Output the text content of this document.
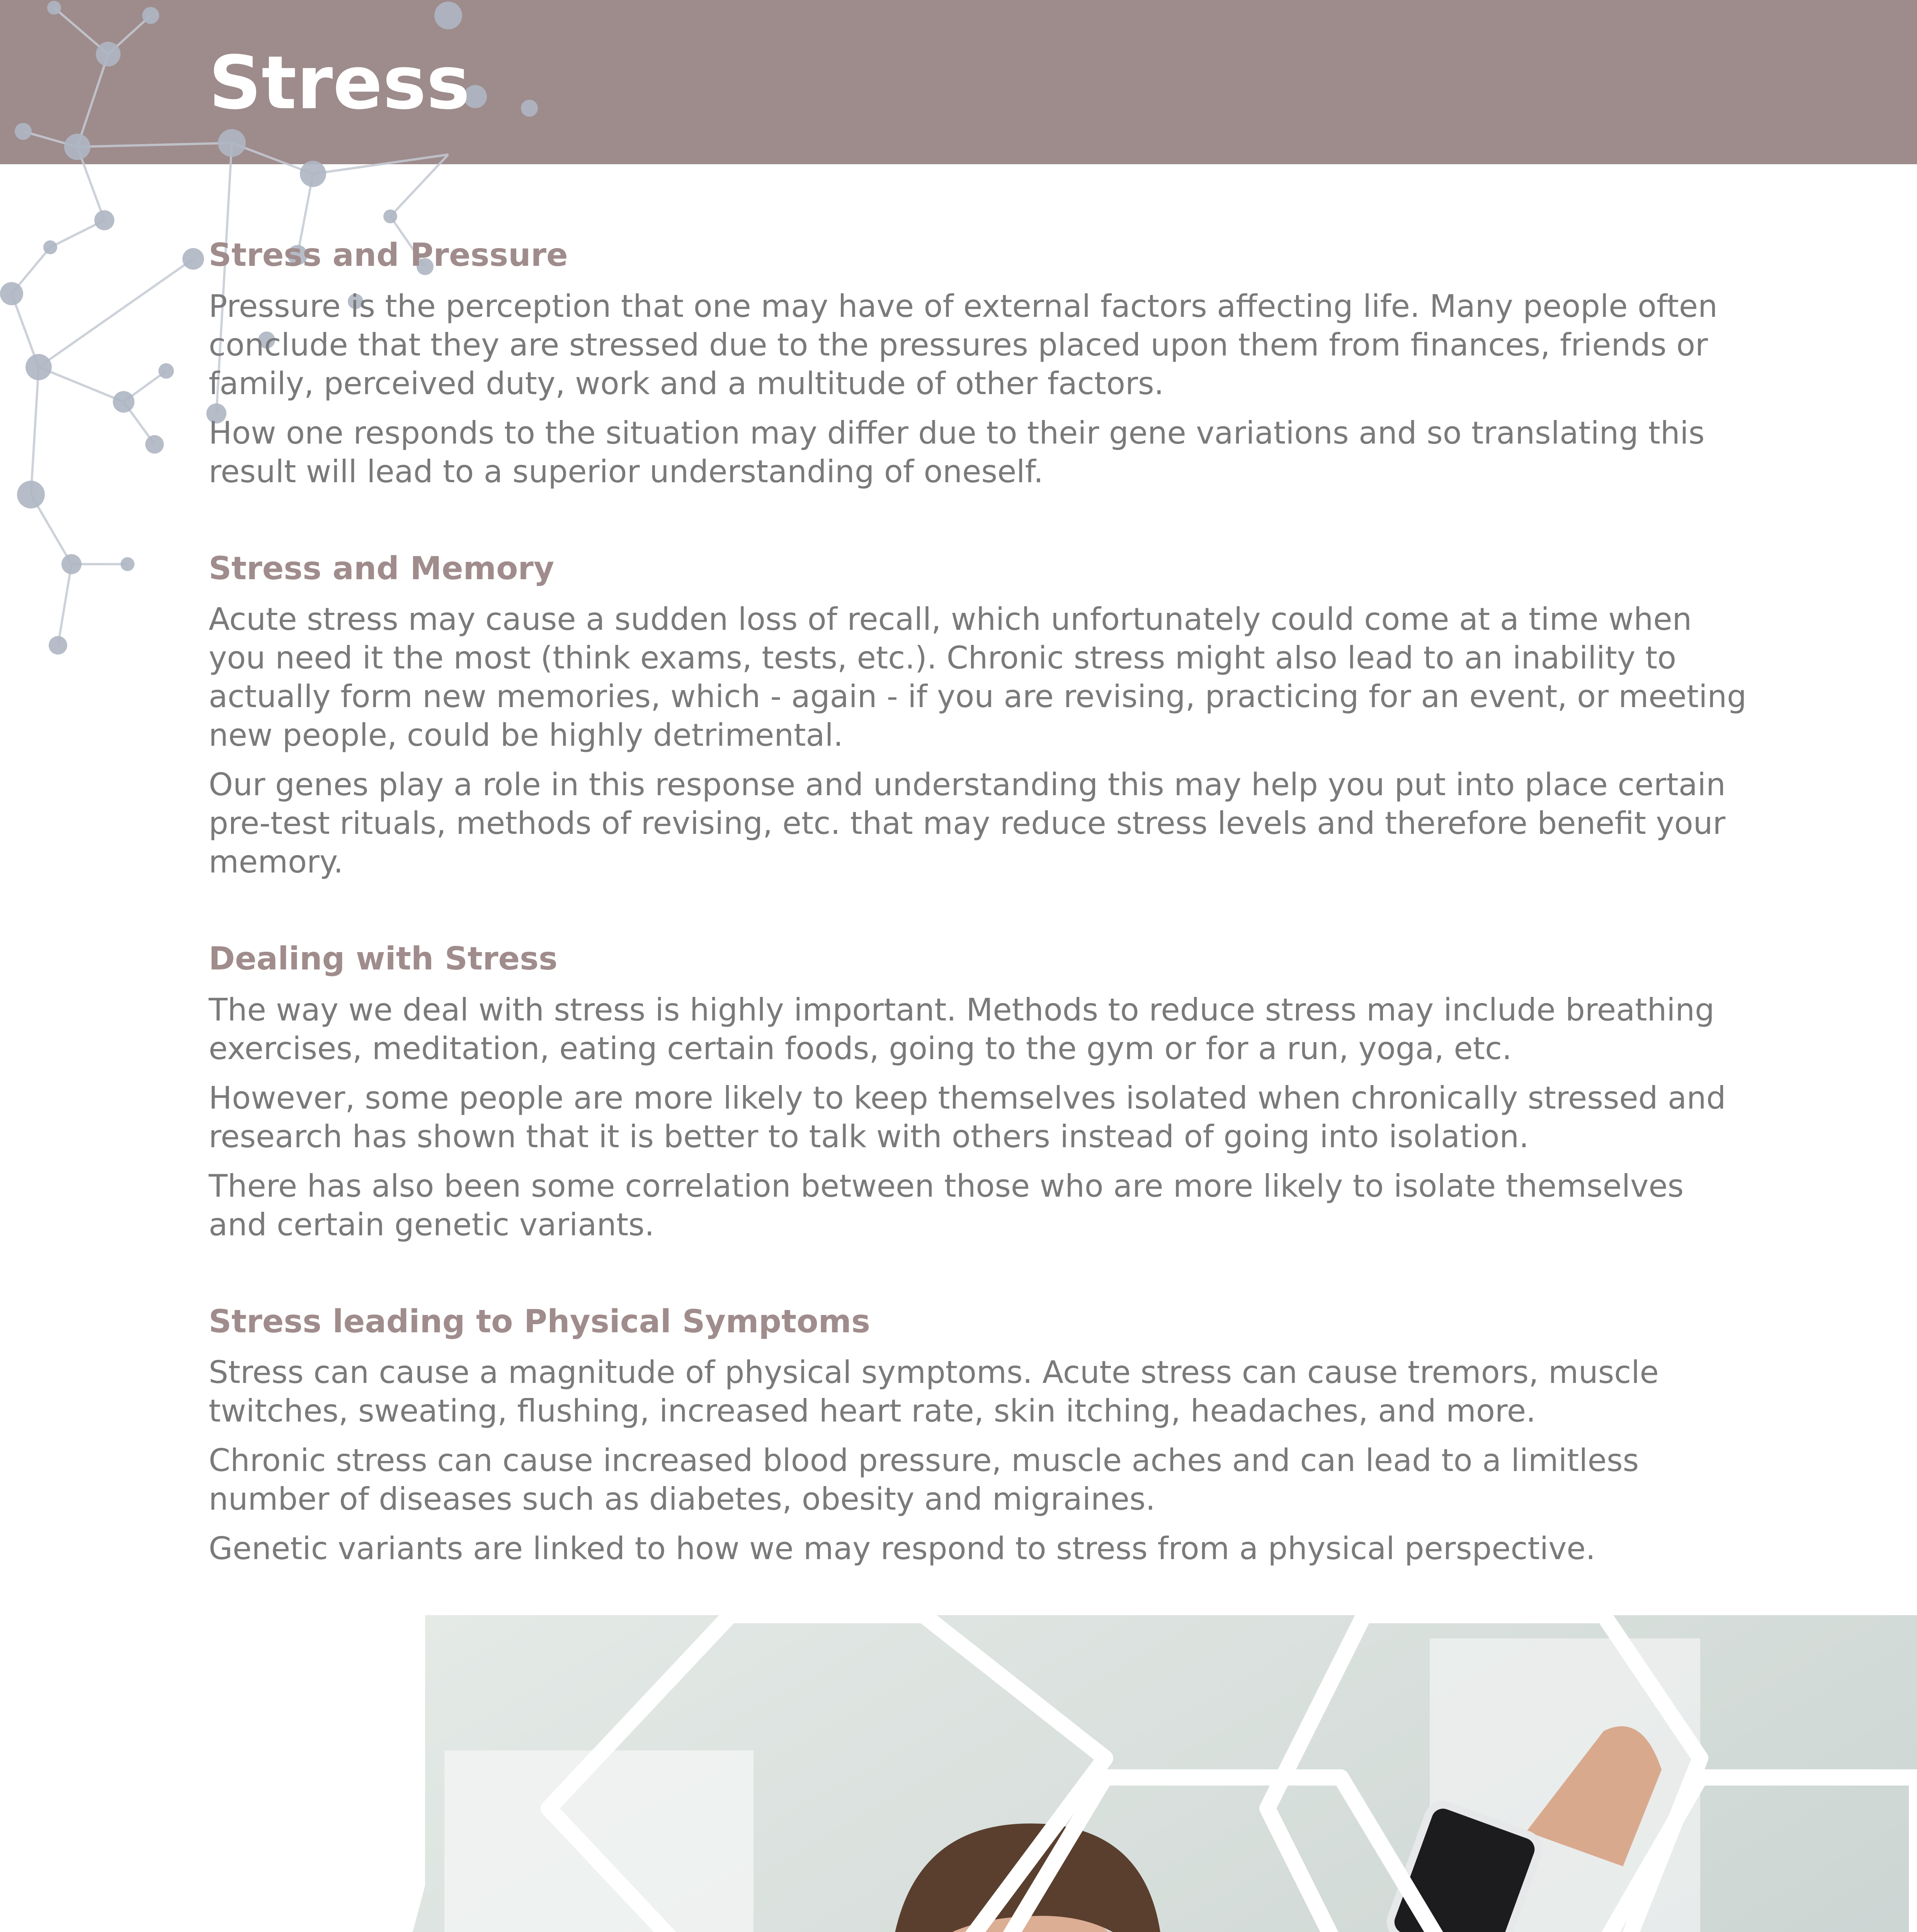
Stress
Stress and Pressure

Pressure is the perception that one may have of external factors affecting life. Many people often conclude that they are stressed due to the pressures placed upon them from finances, friends or family, perceived duty, work and a multitude of other factors.

How one responds to the situation may differ due to their gene variations and so translating this result will lead to a superior understanding of oneself.

Stress and Memory

Acute stress may cause a sudden loss of recall, which unfortunately could come at a time when you need it the most (think exams, tests, etc.). Chronic stress might also lead to an inability to actually form new memories, which - again - if you are revising, practicing for an event, or meeting new people, could be highly detrimental.

Our genes play a role in this response and understanding this may help you put into place certain pre-test rituals, methods of revising, etc. that may reduce stress levels and therefore benefit your memory.

Dealing with Stress

The way we deal with stress is highly important. Methods to reduce stress may include breathing exercises, meditation, eating certain foods, going to the gym or for a run, yoga, etc.

However, some people are more likely to keep themselves isolated when chronically stressed and research has shown that it is better to talk with others instead of going into isolation.

There has also been some correlation between those who are more likely to isolate themselves and certain genetic variants.

Stress leading to Physical Symptoms

Stress can cause a magnitude of physical symptoms. Acute stress can cause tremors, muscle twitches, sweating, flushing, increased heart rate, skin itching, headaches, and more.

Chronic stress can cause increased blood pressure, muscle aches and can lead to a limitless number of diseases such as diabetes, obesity and migraines.

Genetic variants are linked to how we may respond to stress from a physical perspective.
